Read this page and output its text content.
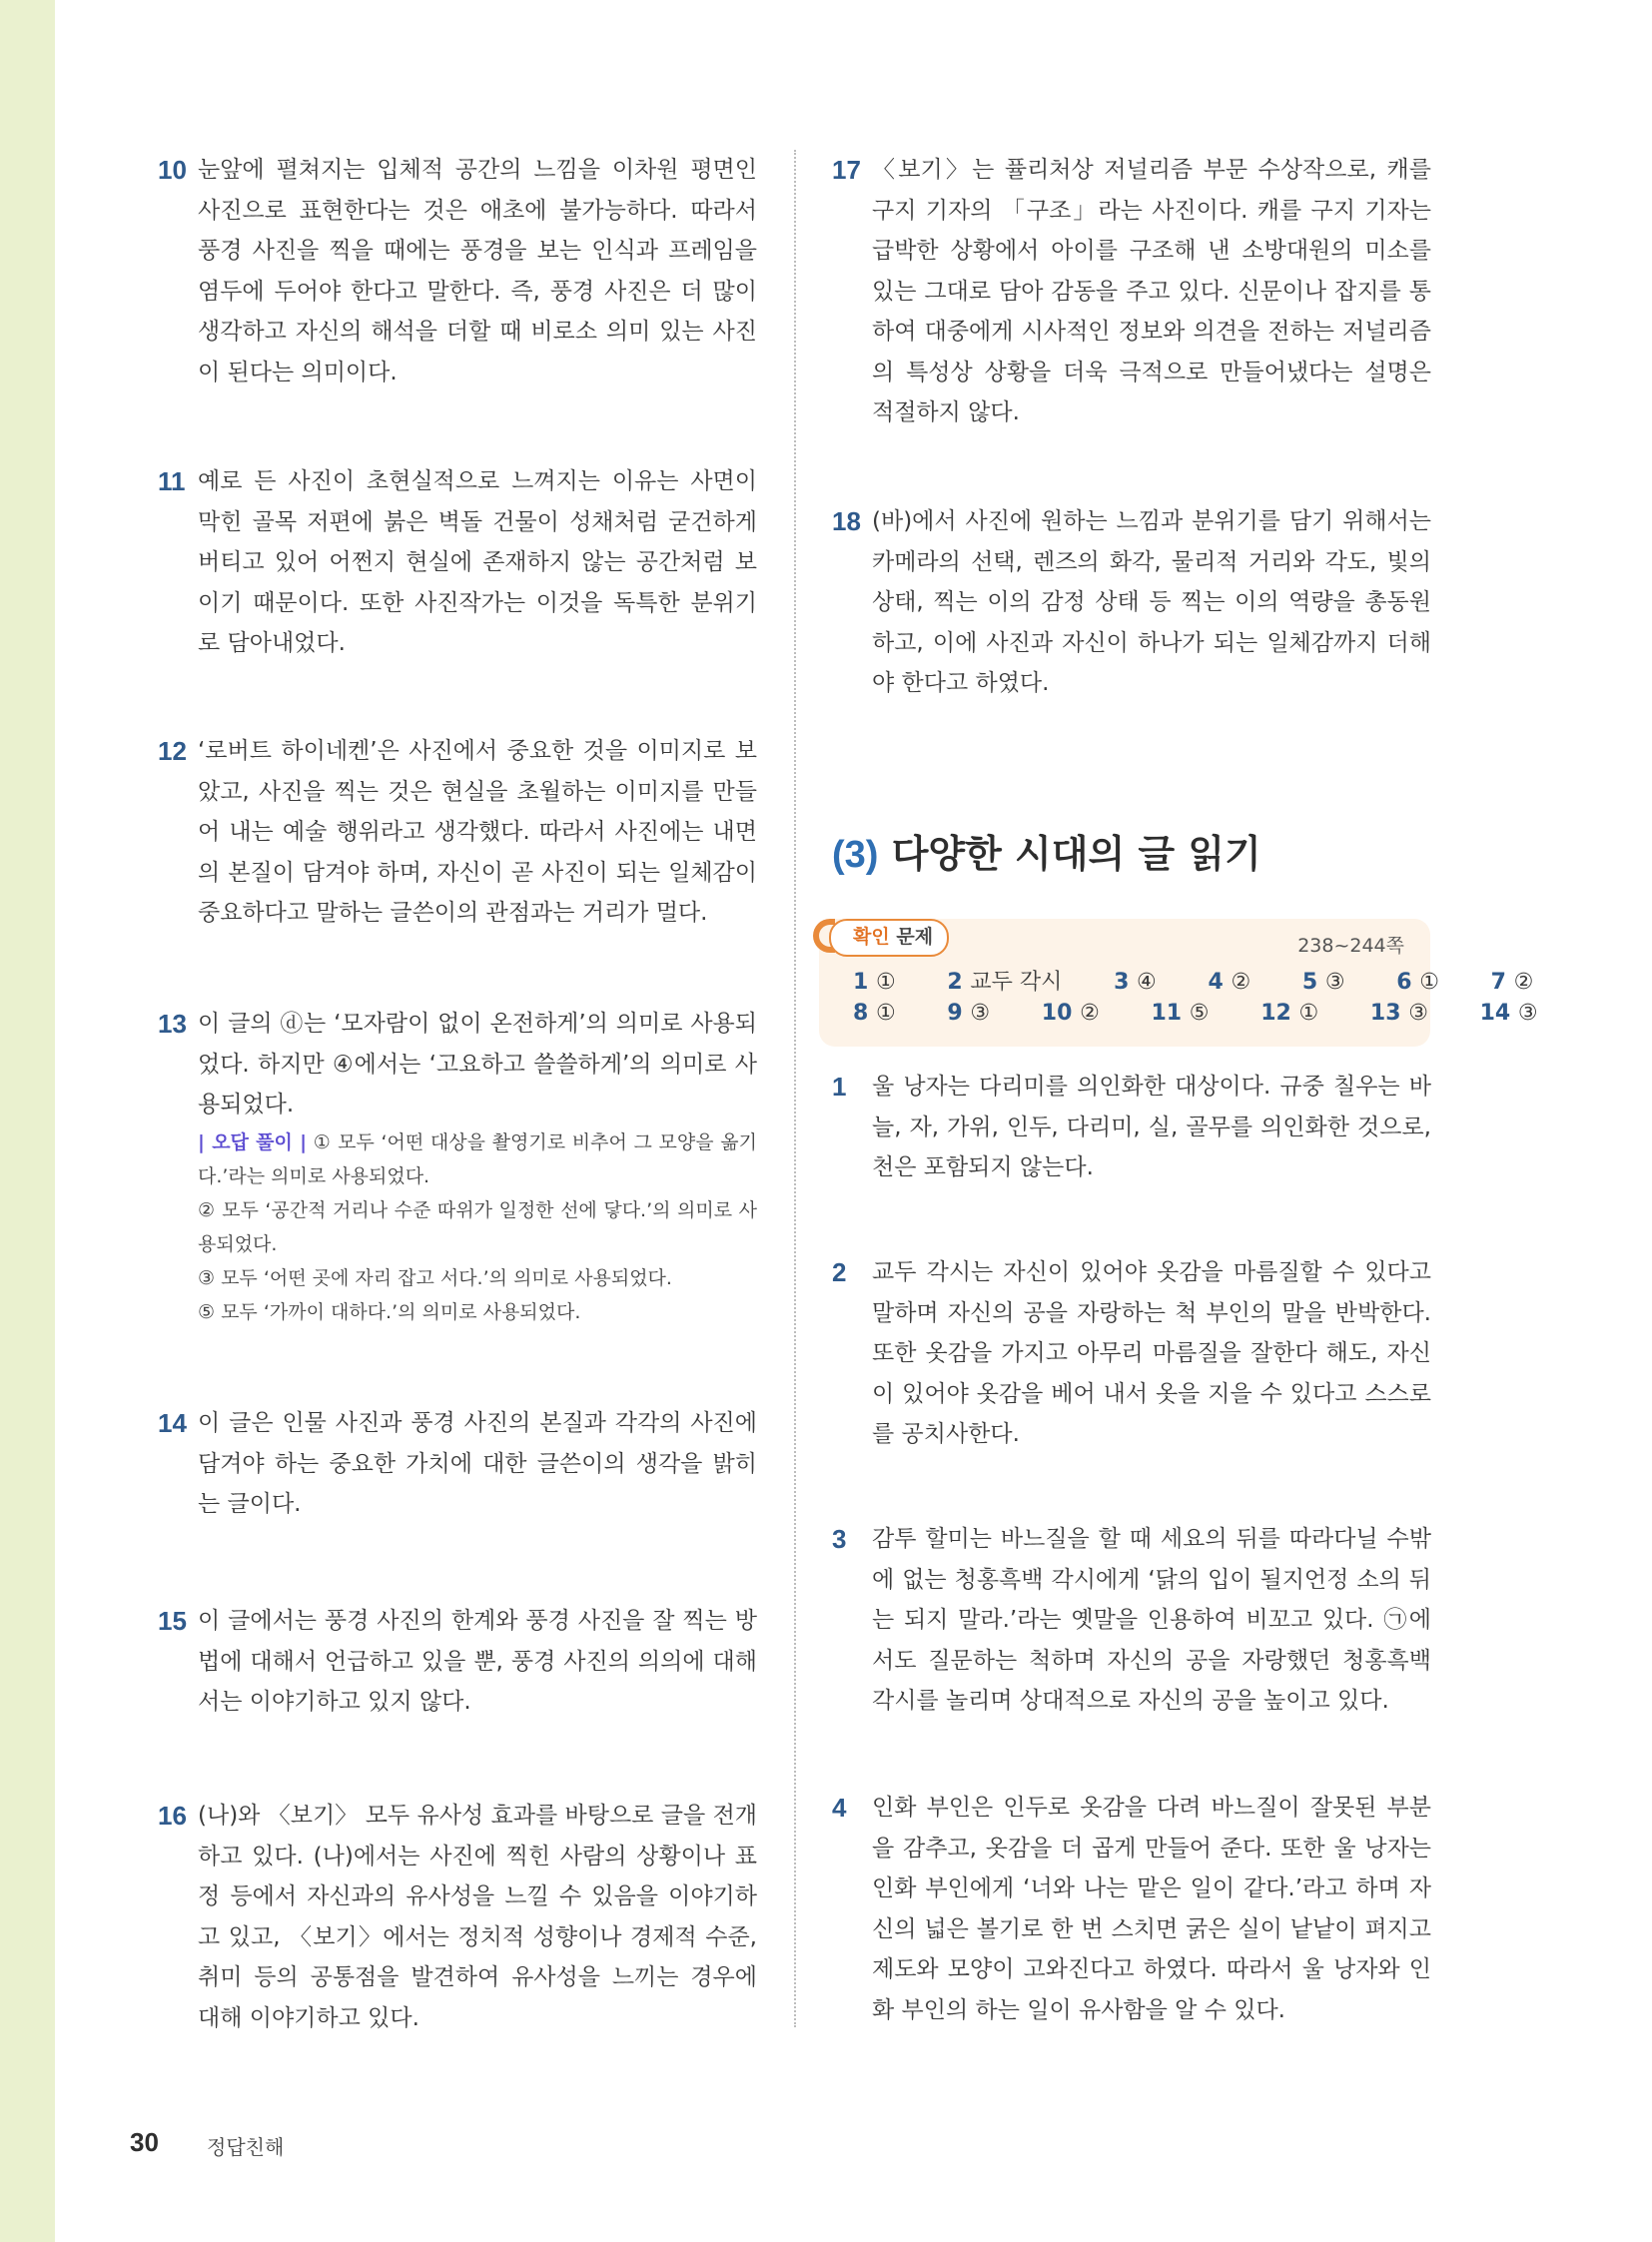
10 눈앞에 펼쳐지는 입체적 공간의 느낌을 이차원 평면인 사진으로 표현한다는 것은 애초에 불가능하다. 따라서 풍경 사진을 찍을 때에는 풍경을 보는 인식과 프레임을 염두에 두어야 한다고 말한다. 즉, 풍경 사진은 더 많이 생각하고 자신의 해석을 더할 때 비로소 의미 있는 사진이 된다는 의미이다.
11 예로 든 사진이 초현실적으로 느껴지는 이유는 사면이 막힌 골목 저편에 붉은 벽돌 건물이 성채처럼 굳건하게 버티고 있어 어쩐지 현실에 존재하지 않는 공간처럼 보이기 때문이다. 또한 사진작가는 이것을 독특한 분위기로 담아내었다.
12 ‘로버트 하이네켄’은 사진에서 중요한 것을 이미지로 보았고, 사진을 찍는 것은 현실을 초월하는 이미지를 만들어 내는 예술 행위라고 생각했다. 따라서 사진에는 내면의 본질이 담겨야 하며, 자신이 곧 사진이 되는 일체감이 중요하다고 말하는 글쓴이의 관점과는 거리가 멀다.
13 이 글의 ⓓ는 ‘모자람이 없이 온전하게’의 의미로 사용되었다. 하지만 ④에서는 ‘고요하고 쓸쓸하게’의 의미로 사용되었다.
| 오답 풀이 | ① 모두 ‘어떤 대상을 촬영기로 비추어 그 모양을 옮기다.’라는 의미로 사용되었다.
② 모두 ‘공간적 거리나 수준 따위가 일정한 선에 닿다.’의 의미로 사용되었다.
③ 모두 ‘어떤 곳에 자리 잡고 서다.’의 의미로 사용되었다.
⑤ 모두 ‘가까이 대하다.’의 의미로 사용되었다.
14 이 글은 인물 사진과 풍경 사진의 본질과 각각의 사진에 담겨야 하는 중요한 가치에 대한 글쓴이의 생각을 밝히는 글이다.
15 이 글에서는 풍경 사진의 한계와 풍경 사진을 잘 찍는 방법에 대해서 언급하고 있을 뿐, 풍경 사진의 의의에 대해서는 이야기하고 있지 않다.
16 (나)와 〈보기〉 모두 유사성 효과를 바탕으로 글을 전개하고 있다. (나)에서는 사진에 찍힌 사람의 상황이나 표정 등에서 자신과의 유사성을 느낄 수 있음을 이야기하고 있고, 〈보기〉에서는 정치적 성향이나 경제적 수준, 취미 등의 공통점을 발견하여 유사성을 느끼는 경우에 대해 이야기하고 있다.
17 〈보기〉는 퓰리처상 저널리즘 부문 수상작으로, 캐를 구지 기자의 「구조」라는 사진이다. 캐를 구지 기자는 급박한 상황에서 아이를 구조해 낸 소방대원의 미소를 있는 그대로 담아 감동을 주고 있다. 신문이나 잡지를 통하여 대중에게 시사적인 정보와 의견을 전하는 저널리즘의 특성상 상황을 더욱 극적으로 만들어냈다는 설명은 적절하지 않다.
18 (바)에서 사진에 원하는 느낌과 분위기를 담기 위해서는 카메라의 선택, 렌즈의 화각, 물리적 거리와 각도, 빛의 상태, 찍는 이의 감정 상태 등 찍는 이의 역량을 총동원하고, 이에 사진과 자신이 하나가 되는 일체감까지 더해야 한다고 하였다.
(3) 다양한 시대의 글 읽기
확인 문제	238~244쪽
1 ① 2 교두 각시 3 ④ 4 ② 5 ③ 6 ① 7 ②
8 ① 9 ③ 10 ② 11 ⑤ 12 ① 13 ③ 14 ③
1 울 낭자는 다리미를 의인화한 대상이다. 규중 칠우는 바늘, 자, 가위, 인두, 다리미, 실, 골무를 의인화한 것으로, 천은 포함되지 않는다.
2 교두 각시는 자신이 있어야 옷감을 마름질할 수 있다고 말하며 자신의 공을 자랑하는 척 부인의 말을 반박한다. 또한 옷감을 가지고 아무리 마름질을 잘한다 해도, 자신이 있어야 옷감을 베어 내서 옷을 지을 수 있다고 스스로를 공치사한다.
3 감투 할미는 바느질을 할 때 세요의 뒤를 따라다닐 수밖에 없는 청홍흑백 각시에게 ‘닭의 입이 될지언정 소의 뒤는 되지 말라.’라는 옛말을 인용하여 비꼬고 있다. ㉠에서도 질문하는 척하며 자신의 공을 자랑했던 청홍흑백 각시를 놀리며 상대적으로 자신의 공을 높이고 있다.
4 인화 부인은 인두로 옷감을 다려 바느질이 잘못된 부분을 감추고, 옷감을 더 곱게 만들어 준다. 또한 울 낭자는 인화 부인에게 ‘너와 나는 맡은 일이 같다.’라고 하며 자신의 넓은 볼기로 한 번 스치면 굵은 실이 낱낱이 펴지고 제도와 모양이 고와진다고 하였다. 따라서 울 낭자와 인화 부인의 하는 일이 유사함을 알 수 있다.
30 정답친해
